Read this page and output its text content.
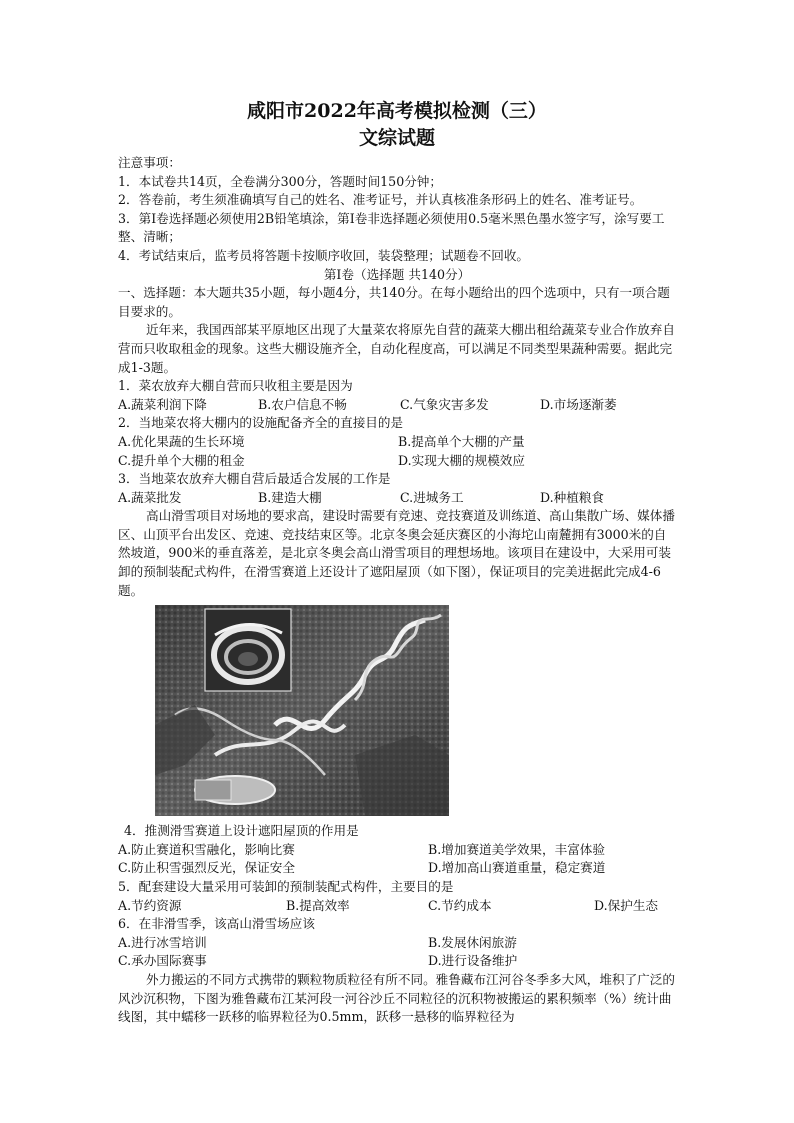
咸阳市2022年高考模拟检测（三）

文综试题

注意事项：

1．本试卷共14页，全卷满分300分，答题时间150分钟；

2．答卷前，考生须准确填写自己的姓名、准考证号，并认真核准条形码上的姓名、准考证号。

3．第Ⅰ卷选择题必须使用2B铅笔填涂，第Ⅰ卷非选择题必须使用0.5毫米黑色墨水签字写，涂写要工整、清晰；

4．考试结束后，监考员将答题卡按顺序收回，装袋整理；试题卷不回收。

第Ⅰ卷（选择题 共140分）

一、选择题：本大题共35小题，每小题4分，共140分。在每小题给出的四个选项中，只有一项合题目要求的。

近年来，我国西部某平原地区出现了大量菜农将原先自营的蔬菜大棚出租给蔬菜专业合作放弃自营而只收取租金的现象。这些大棚设施齐全，自动化程度高，可以满足不同类型果蔬种需要。据此完成1-3题。

1．菜农放弃大棚自营而只收租主要是因为

A.蔬菜利润下降	B.农户信息不畅	C.气象灾害多发	D.市场逐渐萎

2．当地菜农将大棚内的设施配备齐全的直接目的是

A.优化果蔬的生长环境	B.提高单个大棚的产量
C.提升单个大棚的租金	D.实现大棚的规模效应

3．当地菜农放弃大棚自营后最适合发展的工作是

A.蔬菜批发	B.建造大棚	C.进城务工	D.种植粮食

高山滑雪项目对场地的要求高，建设时需要有竞速、竞技赛道及训练道、高山集散广场、媒体播区、山顶平台出发区、竞速、竞技结束区等。北京冬奥会延庆赛区的小海坨山南麓拥有3000米的自然坡道，900米的垂直落差，是北京冬奥会高山滑雪项目的理想场地。该项目在建设中，大采用可装卸的预制装配式构件，在滑雪赛道上还设计了遮阳屋顶（如下图），保证项目的完美进据此完成4-6题。

4．推测滑雪赛道上设计遮阳屋顶的作用是

A.防止赛道积雪融化，影响比赛	B.增加赛道美学效果，丰富体验
C.防止积雪强烈反光，保证安全	D.增加高山赛道重量，稳定赛道

5．配套建设大量采用可装卸的预制装配式构件，主要目的是

A.节约资源	B.提高效率	C.节约成本	D.保护生态

6．在非滑雪季，该高山滑雪场应该

A.进行冰雪培训	B.发展休闲旅游
C.承办国际赛事	D.进行设备维护

外力搬运的不同方式携带的颗粒物质粒径有所不同。雅鲁藏布江河谷冬季多大风，堆积了广泛的风沙沉积物，下图为雅鲁藏布江某河段一河谷沙丘不同粒径的沉积物被搬运的累积频率（%）统计曲线图，其中蠕移一跃移的临界粒径为0.5mm，跃移一悬移的临界粒径为
